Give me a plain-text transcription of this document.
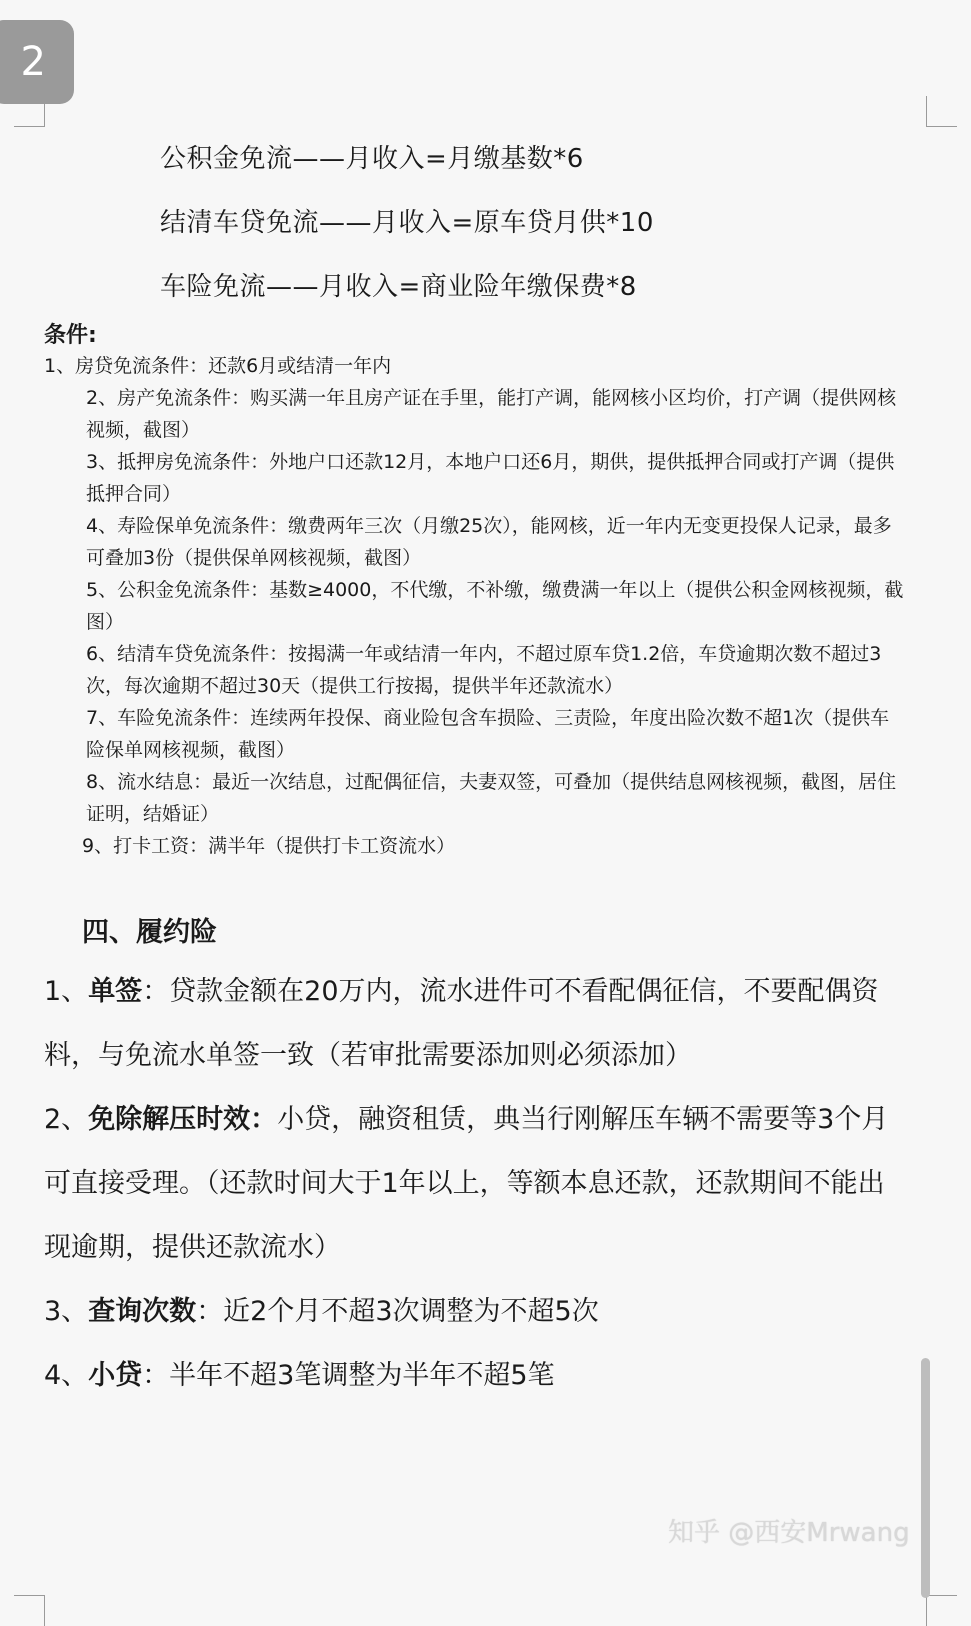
2
公积金免流——月收入=月缴基数*6
结清车贷免流——月收入=原车贷月供*10
车险免流——月收入=商业险年缴保费*8
条件:
1、房贷免流条件：还款6月或结清一年内
2、房产免流条件：购买满一年且房产证在手里，能打产调，能网核小区均价，打产调（提供网核视频，截图）
3、抵押房免流条件：外地户口还款12月，本地户口还6月，期供，提供抵押合同或打产调（提供抵押合同）
4、寿险保单免流条件：缴费两年三次（月缴25次），能网核，近一年内无变更投保人记录，最多可叠加3份（提供保单网核视频，截图）
5、公积金免流条件：基数≥4000，不代缴，不补缴，缴费满一年以上（提供公积金网核视频，截图）
6、结清车贷免流条件：按揭满一年或结清一年内，不超过原车贷1.2倍，车贷逾期次数不超过3次，每次逾期不超过30天（提供工行按揭，提供半年还款流水）
7、车险免流条件：连续两年投保、商业险包含车损险、三责险，年度出险次数不超1次（提供车险保单网核视频，截图）
8、流水结息：最近一次结息，过配偶征信，夫妻双签，可叠加（提供结息网核视频，截图，居住证明，结婚证）
9、打卡工资：满半年（提供打卡工资流水）
四、履约险
1、单签：贷款金额在20万内，流水进件可不看配偶征信，不要配偶资料，与免流水单签一致（若审批需要添加则必须添加）
2、免除解压时效：小贷，融资租赁，典当行刚解压车辆不需要等3个月可直接受理。（还款时间大于1年以上，等额本息还款，还款期间不能出现逾期，提供还款流水）
3、查询次数：近2个月不超3次调整为不超5次
4、小贷：半年不超3笔调整为半年不超5笔
知乎 @西安Mrwang
